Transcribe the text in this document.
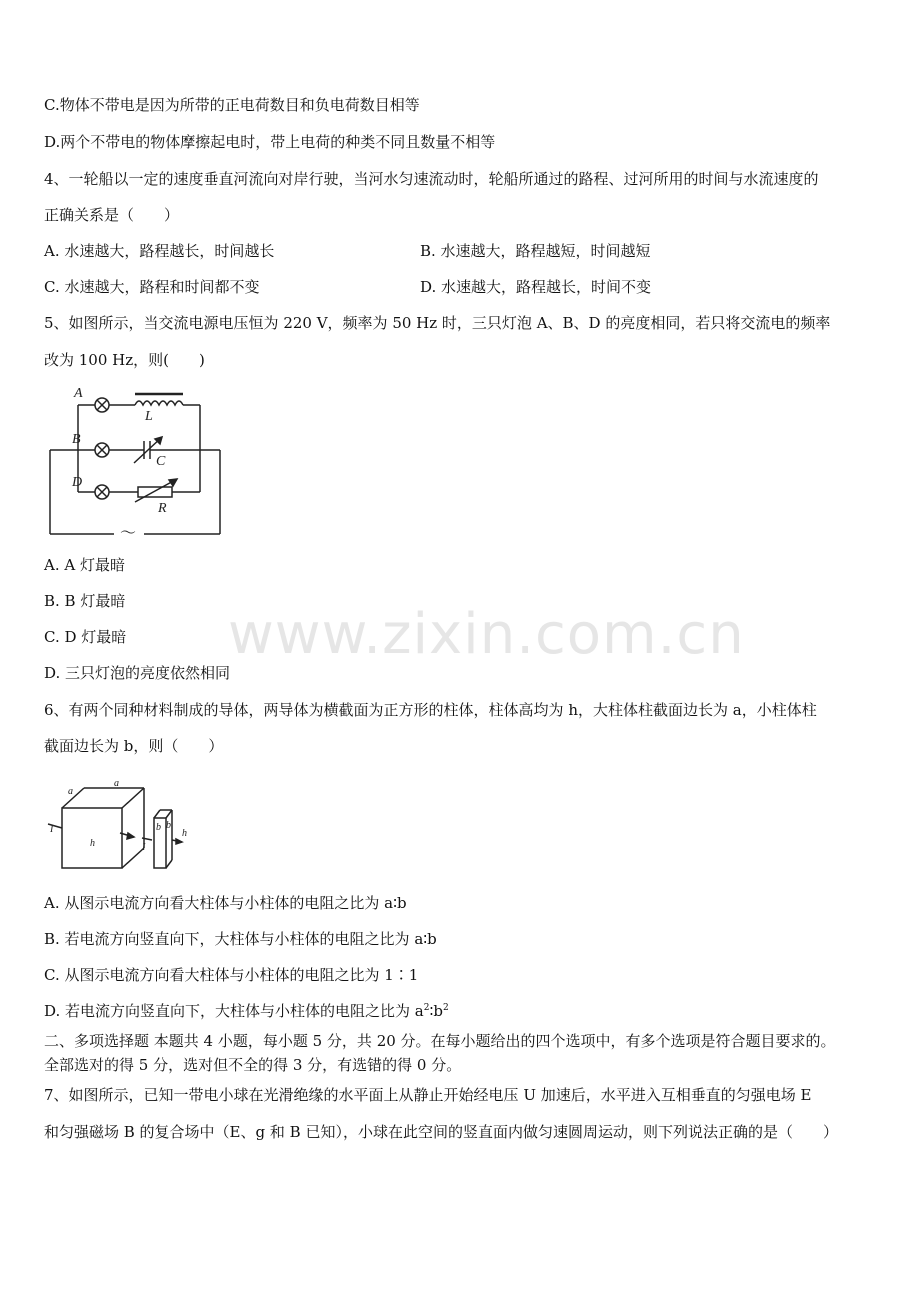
www.zixin.com.cn
C.物体不带电是因为所带的正电荷数目和负电荷数目相等
D.两个不带电的物体摩擦起电时，带上电荷的种类不同且数量不相等
4、一轮船以一定的速度垂直河流向对岸行驶，当河水匀速流动时，轮船所通过的路程、过河所用的时间与水流速度的
正确关系是（　　）
A. 水速越大，路程越长，时间越长	B. 水速越大，路程越短，时间越短
C. 水速越大，路程和时间都不变	D. 水速越大，路程越长，时间不变
5、如图所示，当交流电源电压恒为 220 V，频率为 50 Hz 时，三只灯泡 A、B、D 的亮度相同，若只将交流电的频率
改为 100 Hz，则(　　)
A
B
D
L
C
R
～
A. A 灯最暗
B. B 灯最暗
C. D 灯最暗
D. 三只灯泡的亮度依然相同
6、有两个同种材料制成的导体，两导体为横截面为正方形的柱体，柱体高均为 h，大柱体柱截面边长为 a，小柱体柱
截面边长为 b，则（　　）
a
a
h
I
I
b b
h
A. 从图示电流方向看大柱体与小柱体的电阻之比为 a∶b
B. 若电流方向竖直向下，大柱体与小柱体的电阻之比为 a∶b
C. 从图示电流方向看大柱体与小柱体的电阻之比为 1∶1
D. 若电流方向竖直向下，大柱体与小柱体的电阻之比为 $a^2∶b^2$
二、多项选择题 本题共 4 小题，每小题 5 分，共 20 分。在每小题给出的四个选项中，有多个选项是符合题目要求的。
全部选对的得 5 分，选对但不全的得 3 分，有选错的得 0 分。
7、如图所示，已知一带电小球在光滑绝缘的水平面上从静止开始经电压 U 加速后，水平进入互相垂直的匀强电场 E
和匀强磁场 B 的复合场中（E、g 和 B 已知），小球在此空间的竖直面内做匀速圆周运动，则下列说法正确的是（　　）
